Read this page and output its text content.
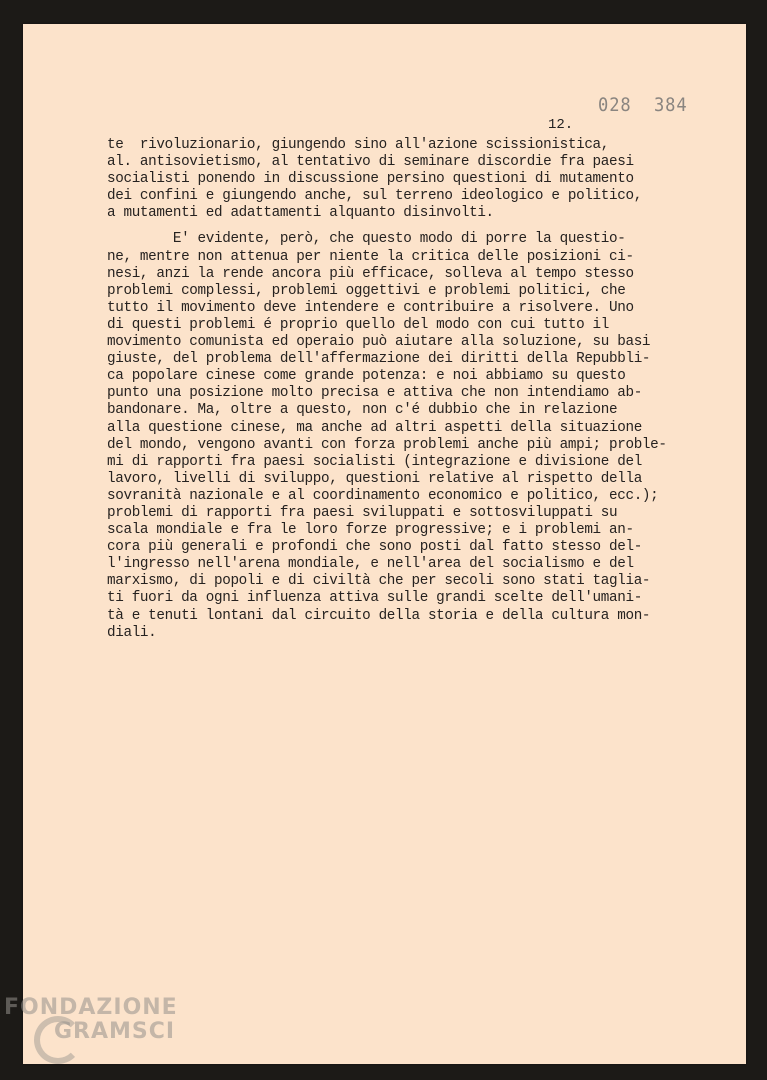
028  384
12.
te  rivoluzionario, giungendo sino all'azione scissionistica,
al. antisovietismo, al tentativo di seminare discordie fra paesi
socialisti ponendo in discussione persino questioni di mutamento
dei confini e giungendo anche, sul terreno ideologico e politico,
a mutamenti ed adattamenti alquanto disinvolti.
E' evidente, però, che questo modo di porre la questio-
ne, mentre non attenua per niente la critica delle posizioni ci-
nesi, anzi la rende ancora più efficace, solleva al tempo stesso
problemi complessi, problemi oggettivi e problemi politici, che
tutto il movimento deve intendere e contribuire a risolvere. Uno
di questi problemi é proprio quello del modo con cui tutto il
movimento comunista ed operaio può aiutare alla soluzione, su basi
giuste, del problema dell'affermazione dei diritti della Repubbli-
ca popolare cinese come grande potenza: e noi abbiamo su questo
punto una posizione molto precisa e attiva che non intendiamo ab-
bandonare. Ma, oltre a questo, non c'é dubbio che in relazione
alla questione cinese, ma anche ad altri aspetti della situazione
del mondo, vengono avanti con forza problemi anche più ampi; proble-
mi di rapporti fra paesi socialisti (integrazione e divisione del
lavoro, livelli di sviluppo, questioni relative al rispetto della
sovranità nazionale e al coordinamento economico e politico, ecc.);
problemi di rapporti fra paesi sviluppati e sottosviluppati su
scala mondiale e fra le loro forze progressive; e i problemi an-
cora più generali e profondi che sono posti dal fatto stesso del-
l'ingresso nell'arena mondiale, e nell'area del socialismo e del
marxismo, di popoli e di civiltà che per secoli sono stati taglia-
ti fuori da ogni influenza attiva sulle grandi scelte dell'umani-
tà e tenuti lontani dal circuito della storia e della cultura mon-
diali.
FONDAZIONE
GRAMSCI
